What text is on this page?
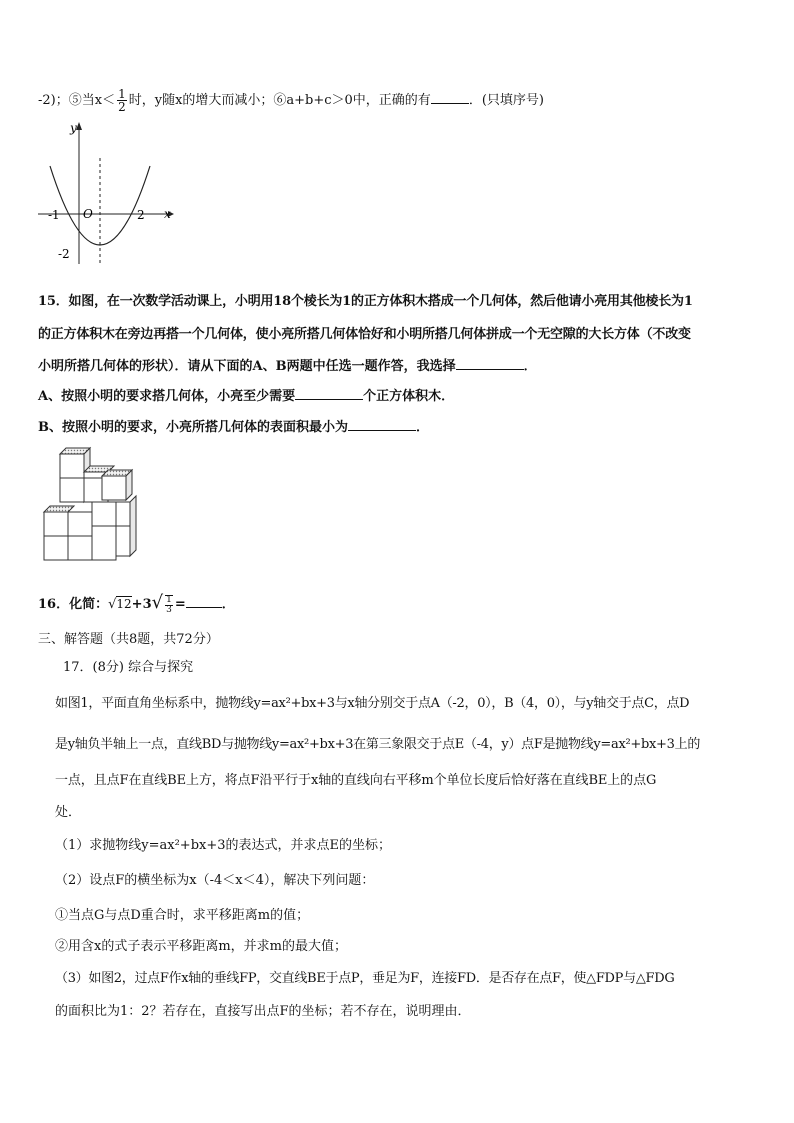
-2)；⑤当$x< \frac{1}{2}$ 时，y随x的增大而减小；⑥a+b+c＞0中，正确的有	．(只填序号)
y
x
O
-1	2
-2
15．如图，在一次数学活动课上，小明用18个棱长为1的正方体积木搭成一个几何体，然后他请小亮用其他棱长为1
的正方体积木在旁边再搭一个几何体，使小亮所搭几何体恰好和小明所搭几何体拼成一个无空隙的大长方体（不改变
小明所搭几何体的形状）．请从下面的A、B两题中任选一题作答，我选择	．
A、按照小明的要求搭几何体，小亮至少需要	个正方体积木．
B、按照小明的要求，小亮所搭几何体的表面积最小为	．
16．化简：$√12+3√ \frac{1}{3}$ =	．
三、解答题（共8题，共72分）
17．(8分) 综合与探究
如图1，平面直角坐标系中，抛物线y=ax²+bx+3与x轴分别交于点A（-2，0），B（4，0），与y轴交于点C，点D
是y轴负半轴上一点，直线BD与抛物线y=ax²+bx+3在第三象限交于点E（-4，y）点F是抛物线y=ax²+bx+3上的
一点，且点F在直线BE上方，将点F沿平行于x轴的直线向右平移m个单位长度后恰好落在直线BE上的点G
处．
（1）求抛物线y=ax²+bx+3的表达式，并求点E的坐标；
（2）设点F的横坐标为x（-4＜x＜4），解决下列问题：
①当点G与点D重合时，求平移距离m的值；
②用含x的式子表示平移距离m，并求m的最大值；
（3）如图2，过点F作x轴的垂线FP，交直线BE于点P，垂足为F，连接FD．是否存在点F，使△FDP与△FDG
的面积比为1：2？若存在，直接写出点F的坐标；若不存在，说明理由．
